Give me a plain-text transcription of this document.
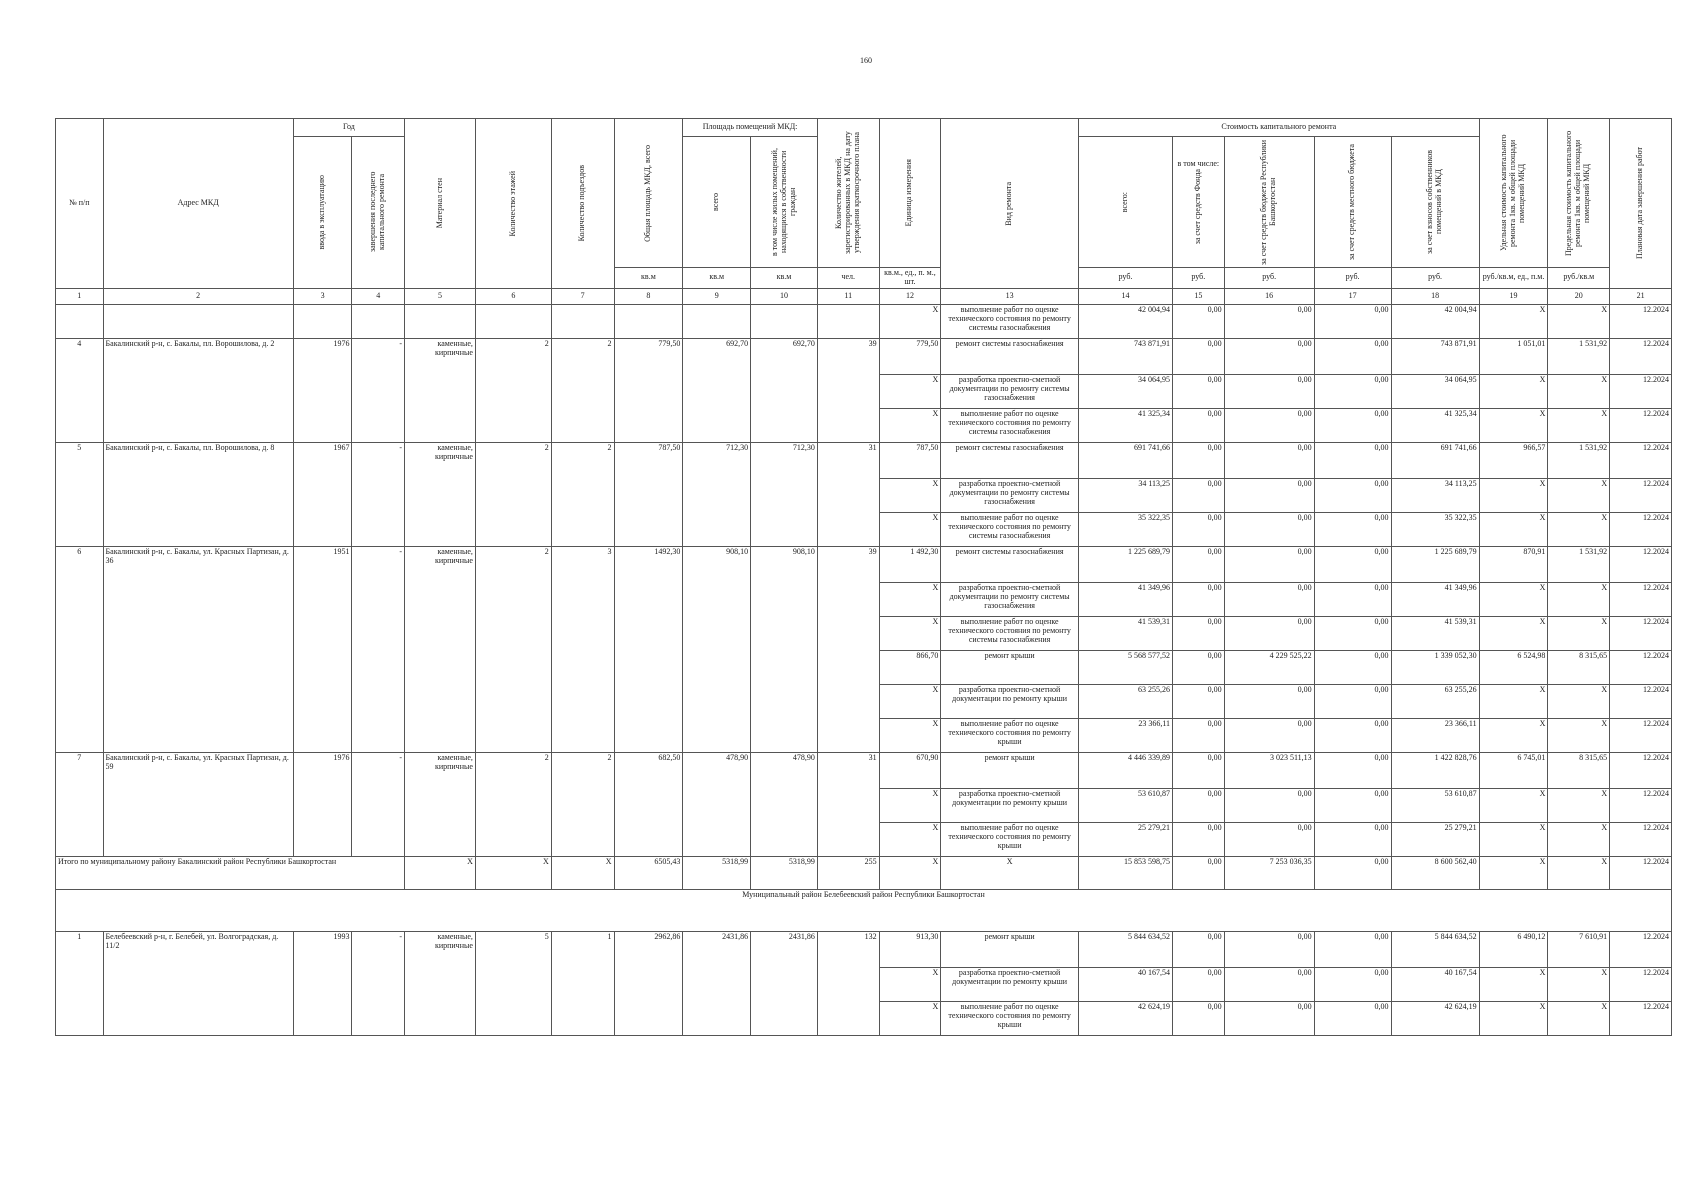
160
№ п/п	Адрес МКД	Год		Материал стен	Количество этажей	Количество подъездов	Общая площадь МКД, всего	Площадь помещений МКД:		Количество жителей, зарегистрированных в МКД на дату утверждения краткосрочного плана	Единица измерения	Вид ремонта	Стоимость капитального ремонта					Удельная стоимость капитального ремонта 1кв. м общей площади помещений МКД	Предельная стоимость капитального ремонта 1кв. м общей площади помещений МКД	Плановая дата завершения работ

		ввода в эксплуатацию	завершения последнего капитального ремонта					всего	в том числе жилых помещений, находящихся в собственности граждан				всего:	в том числе:
за счет средств Фонда	за счет средств бюджета Республики Башкортостан	за счет средств местного бюджета	за счет взносов собственников помещений в МКД			

							кв.м	кв.м	кв.м	чел.	кв.м., ед., п. м., шт.		руб.	руб.	руб.	руб.	руб.	руб./кв.м, ед., п.м.	руб./кв.м	
1	2	3	4	5	6	7	8	9	10	11	12	13	14	15	16	17	18	19	20	21
											X	выполнение работ по оценке технического состояния по ремонту системы газоснабжения	42 004,94	0,00	0,00	0,00	42 004,94	X	X	12.2024
4	Бакалинский р-н, с. Бакалы, пл. Ворошилова, д. 2	1976	-	каменные, кирпичные	2	2	779,50	692,70	692,70	39	779,50	ремонт системы газоснабжения	743 871,91	0,00	0,00	0,00	743 871,91	1 051,01	1 531,92	12.2024
											X	разработка проектно-сметной документации по ремонту системы газоснабжения	34 064,95	0,00	0,00	0,00	34 064,95	X	X	12.2024
											X	выполнение работ по оценке технического состояния по ремонту системы газоснабжения	41 325,34	0,00	0,00	0,00	41 325,34	X	X	12.2024
5	Бакалинский р-н, с. Бакалы, пл. Ворошилова, д. 8	1967	-	каменные, кирпичные	2	2	787,50	712,30	712,30	31	787,50	ремонт системы газоснабжения	691 741,66	0,00	0,00	0,00	691 741,66	966,57	1 531,92	12.2024
											X	разработка проектно-сметной документации по ремонту системы газоснабжения	34 113,25	0,00	0,00	0,00	34 113,25	X	X	12.2024
											X	выполнение работ по оценке технического состояния по ремонту системы газоснабжения	35 322,35	0,00	0,00	0,00	35 322,35	X	X	12.2024
6	Бакалинский р-н, с. Бакалы, ул. Красных Партизан, д. 36	1951	-	каменные, кирпичные	2	3	1492,30	908,10	908,10	39	1 492,30	ремонт системы газоснабжения	1 225 689,79	0,00	0,00	0,00	1 225 689,79	870,91	1 531,92	12.2024
											X	разработка проектно-сметной документации по ремонту системы газоснабжения	41 349,96	0,00	0,00	0,00	41 349,96	X	X	12.2024
											X	выполнение работ по оценке технического состояния по ремонту системы газоснабжения	41 539,31	0,00	0,00	0,00	41 539,31	X	X	12.2024
											866,70	ремонт крыши	5 568 577,52	0,00	4 229 525,22	0,00	1 339 052,30	6 524,98	8 315,65	12.2024
											X	разработка проектно-сметной документации по ремонту крыши	63 255,26	0,00	0,00	0,00	63 255,26	X	X	12.2024
											X	выполнение работ по оценке технического состояния по ремонту крыши	23 366,11	0,00	0,00	0,00	23 366,11	X	X	12.2024
7	Бакалинский р-н, с. Бакалы, ул. Красных Партизан, д. 59	1976	-	каменные, кирпичные	2	2	682,50	478,90	478,90	31	670,90	ремонт крыши	4 446 339,89	0,00	3 023 511,13	0,00	1 422 828,76	6 745,01	8 315,65	12.2024
											X	разработка проектно-сметной документации по ремонту крыши	53 610,87	0,00	0,00	0,00	53 610,87	X	X	12.2024
											X	выполнение работ по оценке технического состояния по ремонту крыши	25 279,21	0,00	0,00	0,00	25 279,21	X	X	12.2024
Итого по муниципальному району Бакалинский район Республики Башкортостан				X	X	X	6505,43	5318,99	5318,99	255	X	X	15 853 598,75	0,00	7 253 036,35	0,00	8 600 562,40	X	X	12.2024
Муниципальный район Белебеевский район Республики Башкортостан																				
1	Белебеевский р-н, г. Белебей, ул. Волгоградская, д. 11/2	1993	-	каменные, кирпичные	5	1	2962,86	2431,86	2431,86	132	913,30	ремонт крыши	5 844 634,52	0,00	0,00	0,00	5 844 634,52	6 490,12	7 610,91	12.2024
											X	разработка проектно-сметной документации по ремонту крыши	40 167,54	0,00	0,00	0,00	40 167,54	X	X	12.2024
											X	выполнение работ по оценке технического состояния по ремонту крыши	42 624,19	0,00	0,00	0,00	42 624,19	X	X	12.2024
